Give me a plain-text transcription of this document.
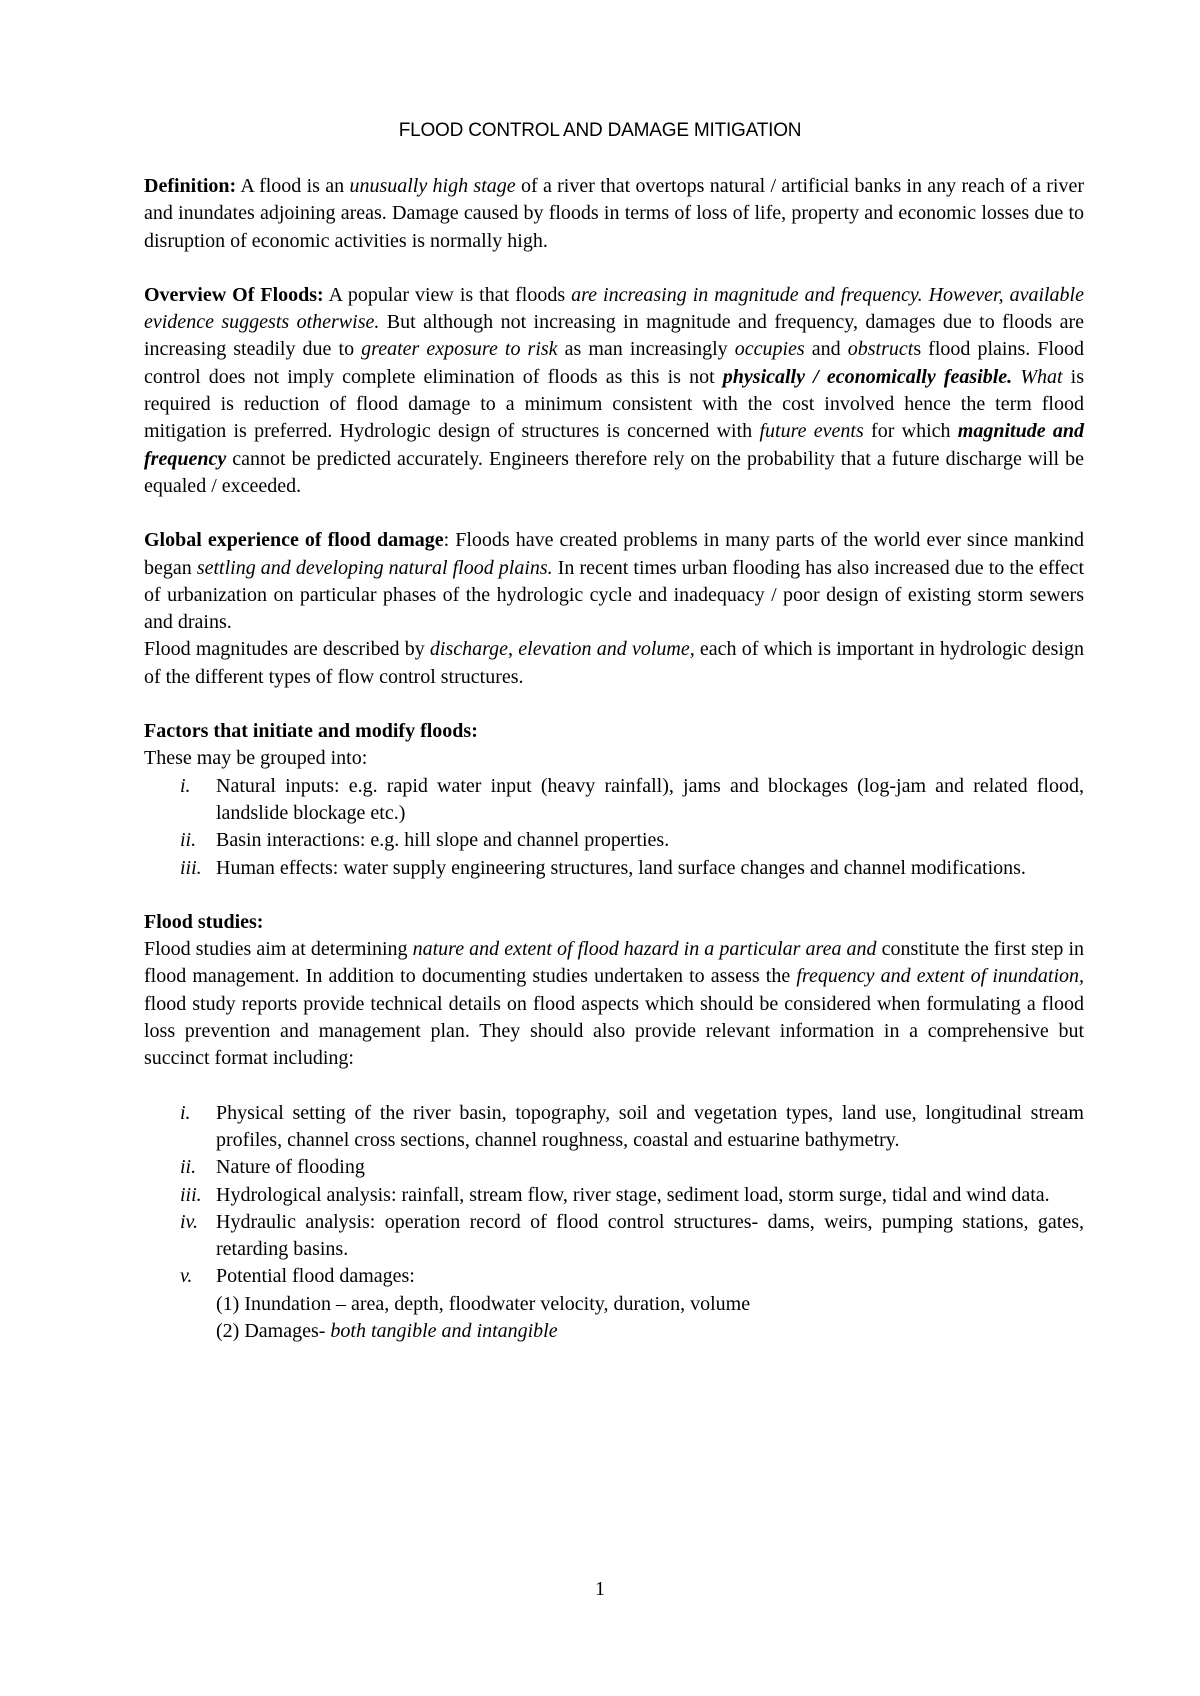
FLOOD CONTROL AND DAMAGE MITIGATION

Definition: A flood is an unusually high stage of a river that overtops natural / artificial banks in any reach of a river and inundates adjoining areas. Damage caused by floods in terms of loss of life, property and economic losses due to disruption of economic activities is normally high.

Overview Of Floods: A popular view is that floods are increasing in magnitude and frequency. However, available evidence suggests otherwise. But although not increasing in magnitude and frequency, damages due to floods are increasing steadily due to greater exposure to risk as man increasingly occupies and obstructs flood plains. Flood control does not imply complete elimination of floods as this is not physically / economically feasible. What is required is reduction of flood damage to a minimum consistent with the cost involved hence the term flood mitigation is preferred. Hydrologic design of structures is concerned with future events for which magnitude and frequency cannot be predicted accurately. Engineers therefore rely on the probability that a future discharge will be equaled / exceeded.

Global experience of flood damage: Floods have created problems in many parts of the world ever since mankind began settling and developing natural flood plains. In recent times urban flooding has also increased due to the effect of urbanization on particular phases of the hydrologic cycle and inadequacy / poor design of existing storm sewers and drains.

Flood magnitudes are described by discharge, elevation and volume, each of which is important in hydrologic design of the different types of flow control structures.

Factors that initiate and modify floods:

These may be grouped into:

i. Natural inputs: e.g. rapid water input (heavy rainfall), jams and blockages (log-jam and related flood, landslide blockage etc.)
ii. Basin interactions: e.g. hill slope and channel properties.
iii. Human effects: water supply engineering structures, land surface changes and channel modifications.

Flood studies:

Flood studies aim at determining nature and extent of flood hazard in a particular area and constitute the first step in flood management. In addition to documenting studies undertaken to assess the frequency and extent of inundation, flood study reports provide technical details on flood aspects which should be considered when formulating a flood loss prevention and management plan. They should also provide relevant information in a comprehensive but succinct format including:

i. Physical setting of the river basin, topography, soil and vegetation types, land use, longitudinal stream profiles, channel cross sections, channel roughness, coastal and estuarine bathymetry.
ii. Nature of flooding
iii. Hydrological analysis: rainfall, stream flow, river stage, sediment load, storm surge, tidal and wind data.
iv. Hydraulic analysis: operation record of flood control structures- dams, weirs, pumping stations, gates, retarding basins.
v. Potential flood damages:
(1) Inundation – area, depth, floodwater velocity, duration, volume
(2) Damages- both tangible and intangible
1
